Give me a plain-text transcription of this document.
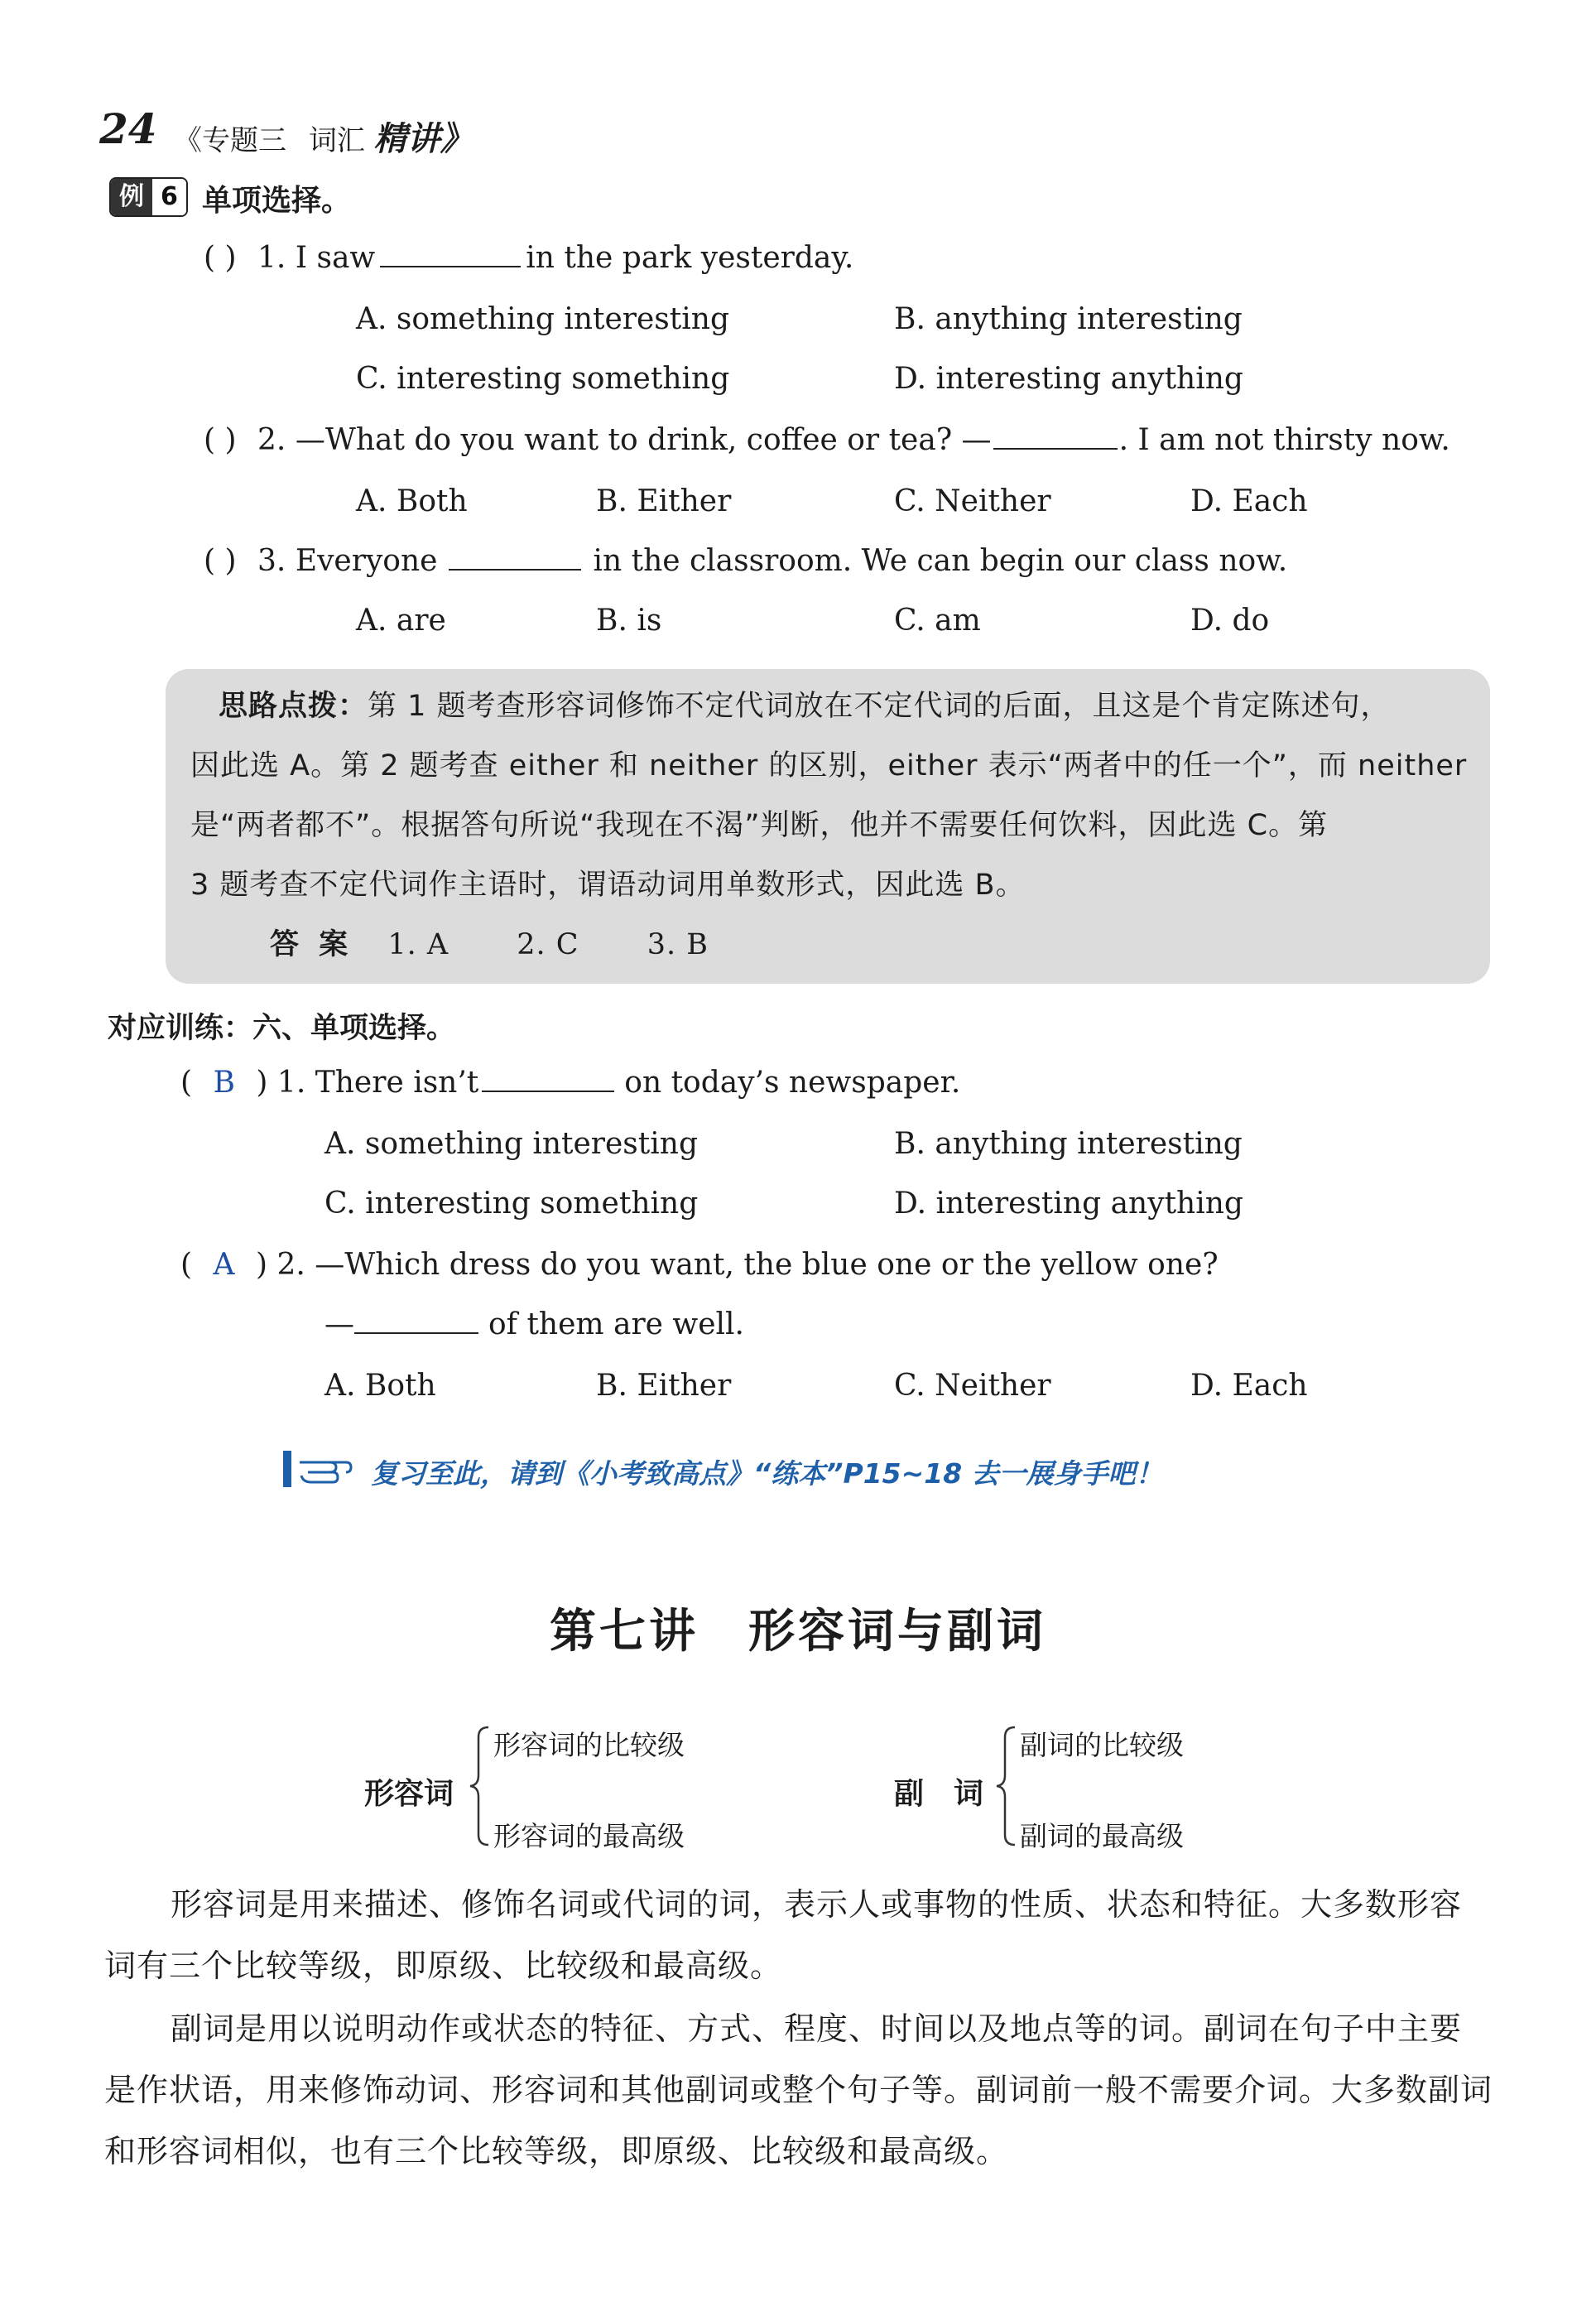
24 《专题三 词汇 精讲》
例 6 单项选择。
( ) 1. I saw	in the park yesterday.
A. something interesting	B. anything interesting
C. interesting something	D. interesting anything
( ) 2. —What do you want to drink, coffee or tea? —	. I am not thirsty now.
A. Both	B. Either	C. Neither	D. Each
( ) 3. Everyone	in the classroom. We can begin our class now.
A. are	B. is	C. am	D. do
思路点拨：第 1 题考查形容词修饰不定代词放在不定代词的后面，且这是个肯定陈述句，
因此选 A。第 2 题考查 either 和 neither 的区别，either 表示“两者中的任一个”，而 neither
是“两者都不”。根据答句所说“我现在不渴”判断，他并不需要任何饮料，因此选 C。第
3 题考查不定代词作主语时，谓语动词用单数形式，因此选 B。
答 案 1. A 2. C 3. B
对应训练：六、单项选择。
( B ) 1. There isn’t	on today’s newspaper.
A. something interesting	B. anything interesting
C. interesting something	D. interesting anything
( A ) 2. —Which dress do you want, the blue one or the yellow one?
—	of them are well.
A. Both	B. Either	C. Neither	D. Each
复习至此，请到《小考致高点》“练本”P15~18 去一展身手吧！
第七讲　形容词与副词
形容词
形容词的比较级
形容词的最高级
副　词
副词的比较级
副词的最高级
形容词是用来描述、修饰名词或代词的词，表示人或事物的性质、状态和特征。大多数形容
词有三个比较等级，即原级、比较级和最高级。
副词是用以说明动作或状态的特征、方式、程度、时间以及地点等的词。副词在句子中主要
是作状语，用来修饰动词、形容词和其他副词或整个句子等。副词前一般不需要介词。大多数副词
和形容词相似，也有三个比较等级，即原级、比较级和最高级。
